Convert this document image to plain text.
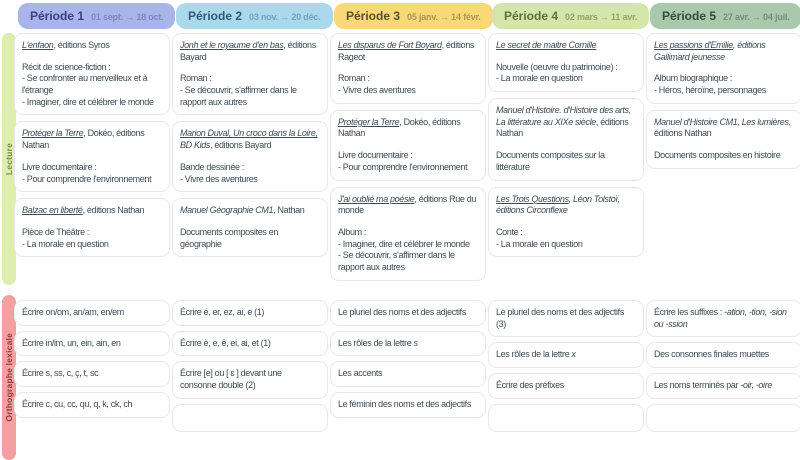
Période 1 01 sept. → 18 oct. Période 2 03 nov. → 20 déc. Période 3 05 janv. → 14 févr. Période 4 02 mars → 11 avr. Période 5 27 avr. → 04 juil.
Lecture
Orthographe lexicale
L'enfaon, éditions Syros
Récit de science-fiction :
- Se confronter au merveilleux et à l'étrange
- Imaginer, dire et célébrer le monde
Protéger la Terre, Dokéo, éditions Nathan
Livre documentaire :
- Pour comprendre l'environnement
Balzac en liberté, éditions Nathan
Pièce de Théâtre :
- La morale en question
Jonh et le royaume d'en bas, éditions Bayard
Roman :
- Se découvrir, s'affirmer dans le rapport aux autres
Marion Duval, Un croco dans la Loire, BD Kids, éditions Bayard
Bande dessinée :
- Vivre des aventures
Manuel Géographie CM1, Nathan
Documents composites en géographie
Les disparus de Fort Boyard, éditions Rageot
Roman :
- Vivre des aventures
Protéger la Terre, Dokéo, éditions Nathan
Livre documentaire :
- Pour comprendre l'environnement
J'ai oublié ma poésie, éditions Rue du monde
Album :
- Imaginer, dire et célébrer le monde
- Se découvrir, s'affirmer dans le rapport aux autres
Le secret de maitre Cornille
Nouvelle (oeuvre du patrimoine) :
- La morale en question
Manuel d'Histoire. d'Histoire des arts, La littérature au XIXe siècle, éditions Nathan
Documents composites sur la littérature
Les Trois Questions, Léon Tolstoï, éditions Circonflexe
Conte :
- La morale en question
Les passions d'Emilie, éditions Gallimard jeunesse
Album biographique :
- Héros, héroïne, personnages
Manuel d'Histoire CM1, Les lumières, éditions Nathan
Documents composites en histoire
Écrire on/om, an/am, en/em
Écrire in/im, un, ein, ain, en
Écrire s, ss, c, ç, t, sc
Écrire c, cu, cc, qu, q, k, ck, ch
Écrire é, er, ez, ai, e (1)
Écrire è, e, ê, ei, ai, et (1)
Écrire [e] ou [ ɛ ] devant une consonne double (2)
Le pluriel des noms et des adjectifs
Les rôles de la lettre s
Les accents
Le féminin des noms et des adjectifs
Le pluriel des noms et des adjectifs (3)
Les rôles de la lettre x
Écrire des préfixes
Écrire les suffixes : -ation, -tion, -sion ou -ssion
Des consonnes finales muettes
Les noms terminés par -oir, -oire
